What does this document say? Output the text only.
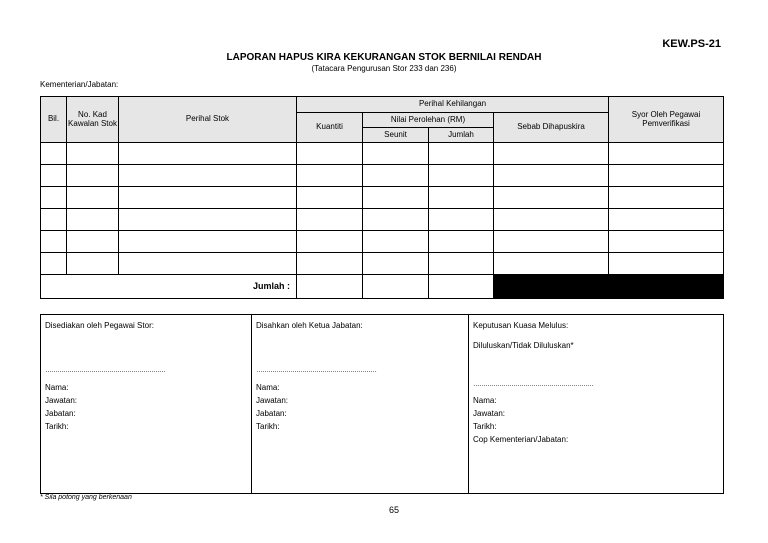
KEW.PS-21
LAPORAN HAPUS KIRA KEKURANGAN STOK BERNILAI RENDAH
(Tatacara Pengurusan Stor 233 dan 236)
Kementerian/Jabatan:
Bil.	No. Kad Kawalan Stok	Perihal Stok	Perihal Kehilangan				Syor Oleh Pegawai Pemverifikasi
			Kuantiti	Nilai Perolehan (RM)		Sebab Dihapuskira	
				Seunit	Jumlah		

Jumlah :							
Disediakan oleh Pegawai Stor:
……………………………………………………
Nama:
Jawatan:
Jabatan:
Tarikh:

Disahkan oleh Ketua Jabatan:
……………………………………………………
Nama:
Jawatan:
Jabatan:
Tarikh:

Keputusan Kuasa Melulus:
Diluluskan/Tidak Diluluskan*
……………………………………………………
Nama:
Jawatan:
Tarikh:
Cop Kementerian/Jabatan:
* Sila potong yang berkenaan
65
